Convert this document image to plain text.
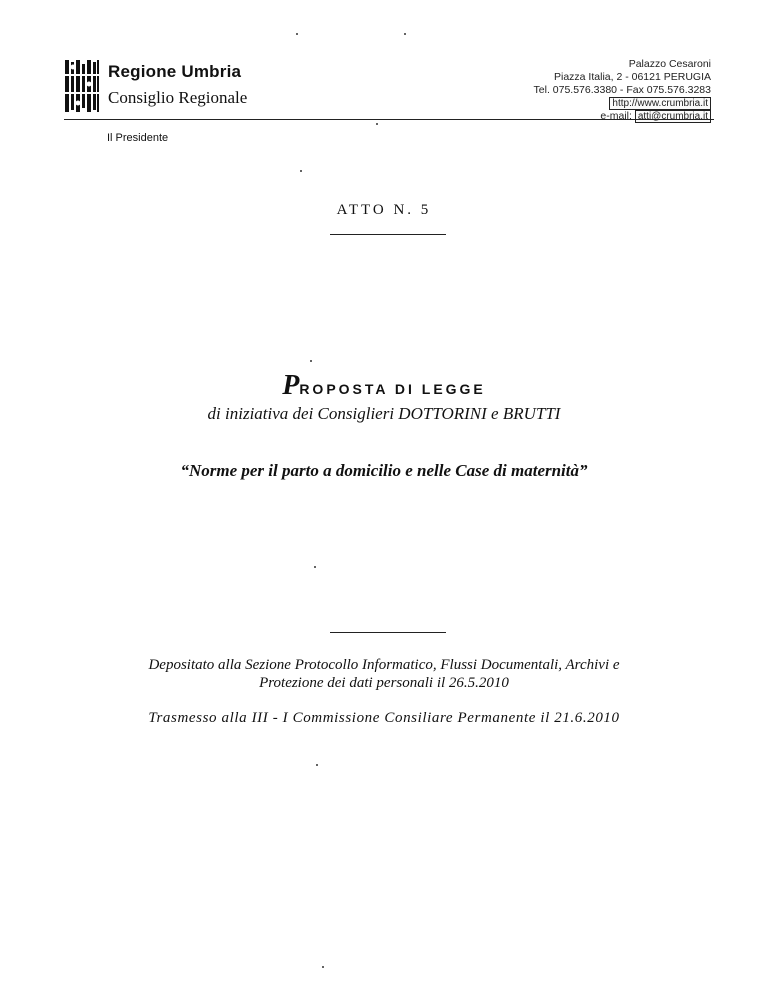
Regione Umbria
Consiglio Regionale
Palazzo Cesaroni
Piazza Italia, 2 - 06121 PERUGIA
Tel. 075.576.3380 - Fax 075.576.3283
http://www.crumbria.it
e-mail: atti@crumbria.it
Il Presidente
ATTO N. 5
PROPOSTA DI LEGGE
di iniziativa dei Consiglieri DOTTORINI e BRUTTI
“Norme per il parto a domicilio e nelle Case di maternità”
Depositato alla Sezione Protocollo Informatico, Flussi Documentali, Archivi e
Protezione dei dati personali il 26.5.2010
Trasmesso alla III - I Commissione Consiliare Permanente il 21.6.2010
